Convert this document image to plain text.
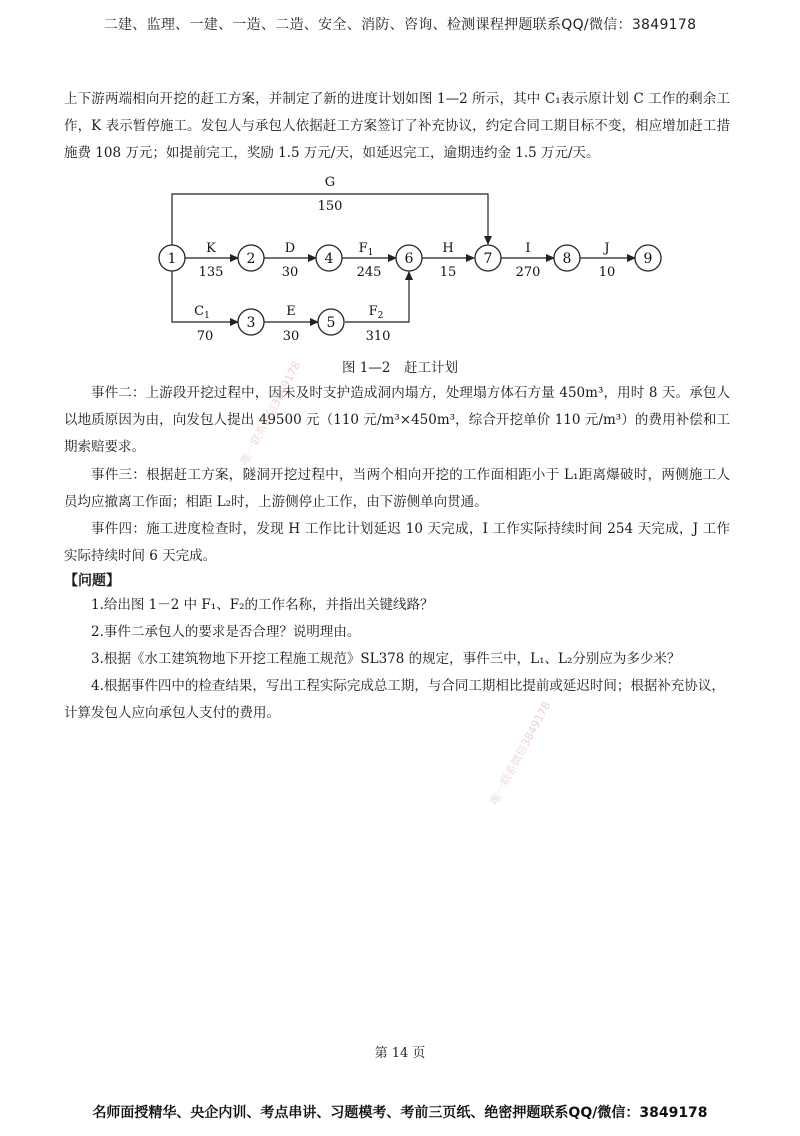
二建、监理、一建、一造、二造、安全、消防、咨询、检测课程押题联系QQ/微信：3849178

上下游两端相向开挖的赶工方案，并制定了新的进度计划如图 1—2 所示，其中 C₁表示原计划 C 工作的剩余工作，K 表示暂停施工。发包人与承包人依据赶工方案签订了补充协议，约定合同工期目标不变，相应增加赶工措施费 108 万元；如提前完工，奖励 1.5 万元/天，如延迟完工，逾期违约金 1.5 万元/天。

1	2
3
4
5
6	7	8	9
G
150
K
135
D
30
$F_1$
245
H
15
I
270
J
10
$C_1$
70
E
30
$F_2$
310
图 1—2　赶工计划

事件二：上游段开挖过程中，因未及时支护造成洞内塌方，处理塌方体石方量 450m³，用时 8 天。承包人以地质原因为由，向发包人提出 49500 元（110 元/m³×450m³，综合开挖单价 110 元/m³）的费用补偿和工期索赔要求。

事件三：根据赶工方案，隧洞开挖过程中，当两个相向开挖的工作面相距小于 L₁距离爆破时，两侧施工人员均应撤离工作面；相距 L₂时，上游侧停止工作，由下游侧单向贯通。

事件四：施工进度检查时，发现 H 工作比计划延迟 10 天完成，I 工作实际持续时间 254 天完成，J 工作实际持续时间 6 天完成。

【问题】
1.给出图 1－2 中 F₁、F₂的工作名称，并指出关键线路？
2.事件二承包人的要求是否合理？说明理由。
3.根据《水工建筑物地下开挖工程施工规范》SL378 的规定，事件三中，L₁、L₂分别应为多少米？
4.根据事件四中的检查结果，写出工程实际完成总工期，与合同工期相比提前或延迟时间；根据补充协议，计算发包人应向承包人支付的费用。
唯一联系微信3849178
唯一联系微信3849178
第 14 页
名师面授精华、央企内训、考点串讲、习题模考、考前三页纸、绝密押题联系QQ/微信：3849178
